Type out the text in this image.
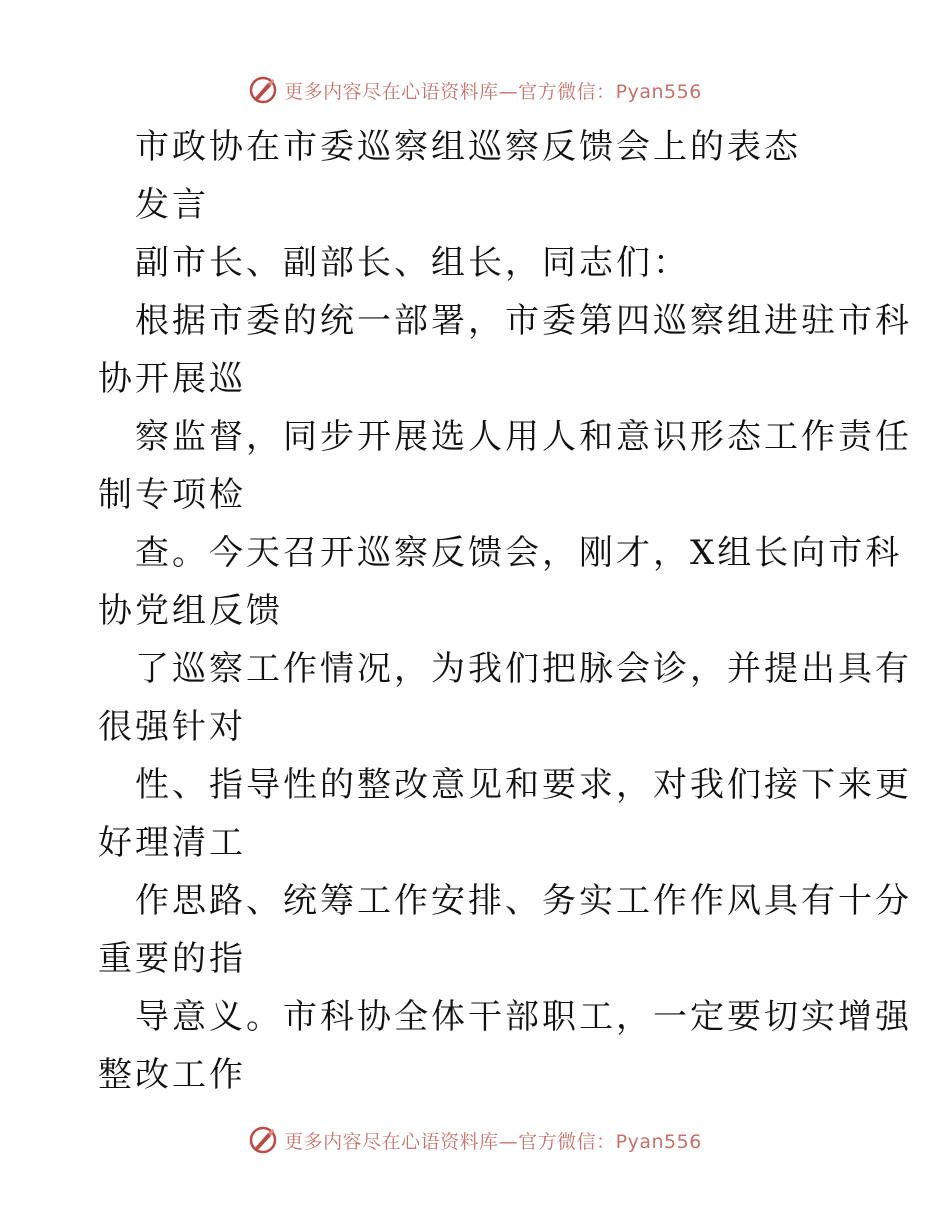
更多内容尽在心语资料库—官方微信：Pyan556
市政协在市委巡察组巡察反馈会上的表态
发言
副市长、副部长、组长，同志们：
根据市委的统一部署，市委第四巡察组进驻市科
协开展巡
察监督，同步开展选人用人和意识形态工作责任
制专项检
查。今天召开巡察反馈会，刚才，X组长向市科
协党组反馈
了巡察工作情况，为我们把脉会诊，并提出具有
很强针对
性、指导性的整改意见和要求，对我们接下来更
好理清工
作思路、统筹工作安排、务实工作作风具有十分
重要的指
导意义。市科协全体干部职工，一定要切实增强
整改工作
更多内容尽在心语资料库—官方微信：Pyan556
